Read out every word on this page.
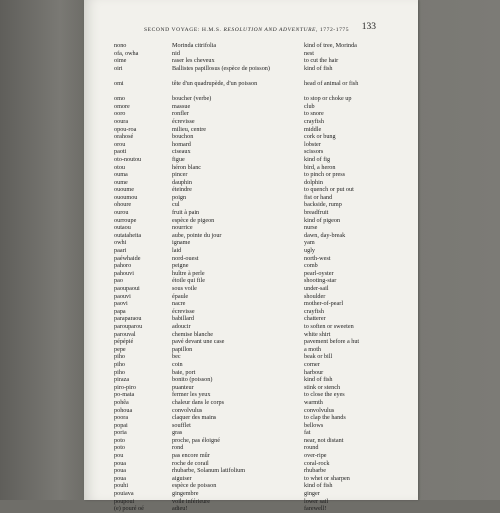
SECOND VOYAGE: H.M.S. RESOLUTION AND ADVENTURE, 1772-1775 133
nono	Morinda citrifolia	kind of tree, Morinda
ofa, owha	nid	nest
oime	raser les cheveux	to cut the hair
oiri	Ballistes papillosus (espèce de poisson)	kind of fish
omi	tête d'un quadrupède, d'un poisson	head of animal or fish
omo	boucher (verbe)	to stop or choke up
omore	massue	club
ooro	ronfler	to snore
ooura	écrevisse	crayfish
opou-roa	milieu, centre	middle
orahosé	bouchon	cork or bung
orou	homard	lobster
paoti	ciseaux	scissors
oto-noutou	figue	kind of fig
otou	héron blanc	bird, a heron
ouma	pincer	to pinch or press
oume	dauphin	dolphin
ououme	éteindre	to quench or put out
ououmou	poign	fist or hand
ohoure	cul	backside, rump
ourou	fruit à pain	breadfruit
ourroupe	espèce de pigeon	kind of pigeon
outaou	nourrice	nurse
outataheita	aube, pointe du jour	dawn, day-break
owhi	igname	yam
paari	laid	ugly
paéwhaide	nord-ouest	north-west
pahoro	peigne	comb
pahouvi	huître à perle	pearl-oyster
pao	étoile qui file	shooting-star
paoupaoui	sous voile	under-sail
paouvi	épaule	shoulder
paovi	nacre	mother-of-pearl
papa	écrevisse	crayfish
paraparaou	babillard	chatterer
parouparou	adoucir	to soften or sweeten
parouval	chemise blanche	white shirt
pépépié	pavé devant une case	pavement before a hut
pepe	papillon	a moth
piho	bec	beak or bill
piho	coin	corner
piho	baie, port	harbour
piraza	bonito (poisson)	kind of fish
piro-piro	puanteur	stink or stench
po-mata	fermer les yeux	to close the eyes
pohêa	chaleur dans le corps	warmth
pohoua	convolvulus	convolvulus
poora	claquer des mains	to clap the hands
popai	soufflet	bellows
poria	gras	fat
poto	proche, pas éloigné	near, not distant
poto	rond	round
pou	pas encore mûr	over-ripe
poua	roche de corail	coral-rock
poua	rhubarbe, Solanum latifolium	rhubarbe
poua	aiguiser	to whet or sharpen
pouhi	espèce de poisson	kind of fish
pouiava	gingembre	ginger
poupoui	voile inférieure	lower sail
(e) pouré oé	adieu!	farewell!
